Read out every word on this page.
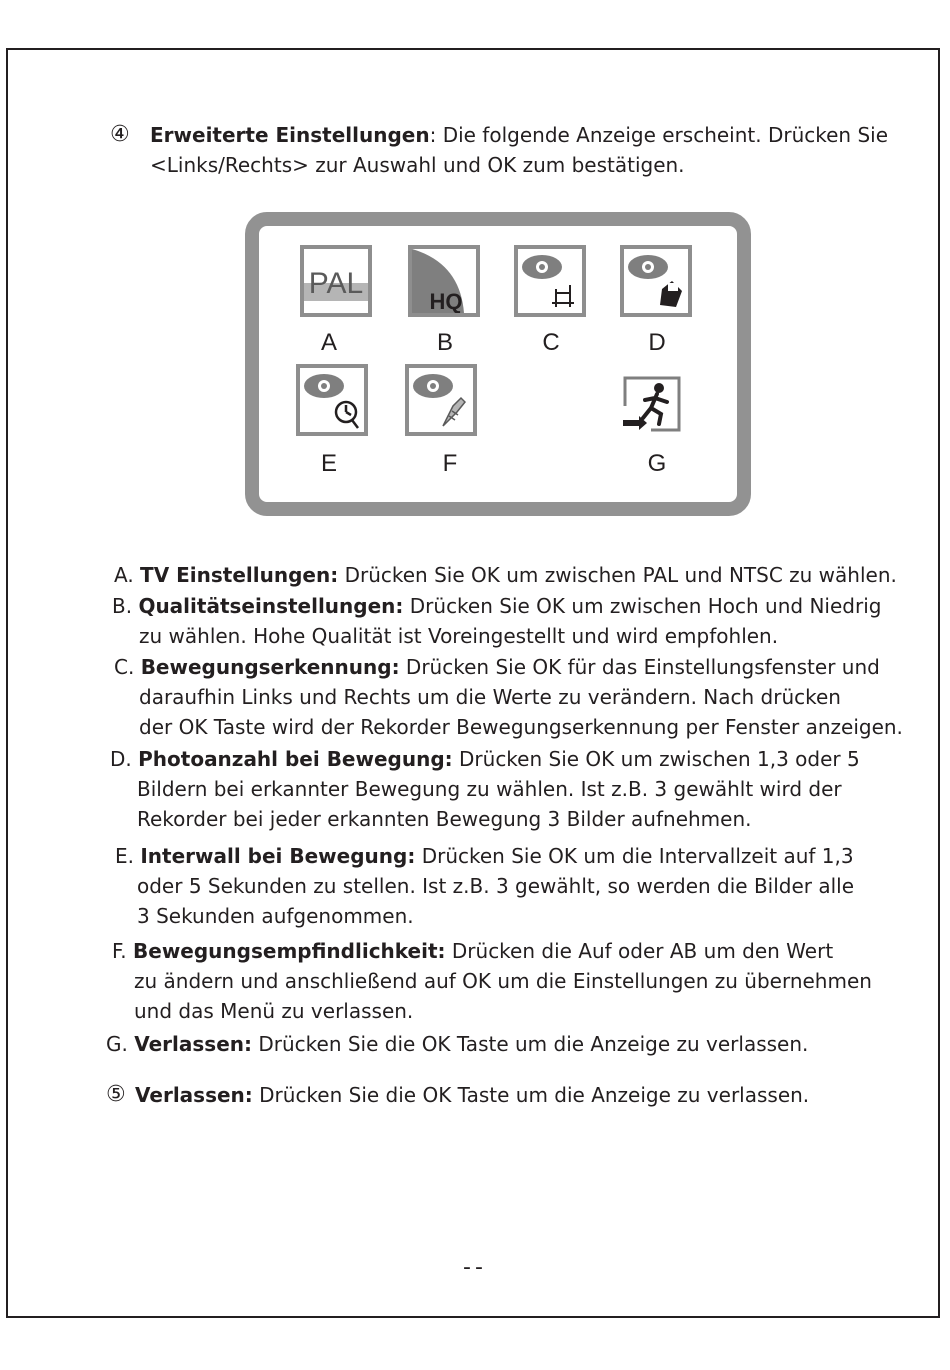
④ Erweiterte Einstellungen: Die folgende Anzeige erscheint. Drücken Sie
<Links/Rechts> zur Auswahl und OK zum bestätigen.
PAL
A
HQ
B	C	D
E	F	G
A. TV Einstellungen: Drücken Sie OK um zwischen PAL und NTSC zu wählen.
B. Qualitätseinstellungen: Drücken Sie OK um zwischen Hoch und Niedrig
zu wählen. Hohe Qualität ist Voreingestellt und wird empfohlen.
C. Bewegungserkennung: Drücken Sie OK für das Einstellungsfenster und
daraufhin Links und Rechts um die Werte zu verändern. Nach drücken
der OK Taste wird der Rekorder Bewegungserkennung per Fenster anzeigen.
D. Photoanzahl bei Bewegung: Drücken Sie OK um zwischen 1,3 oder 5
Bildern bei erkannter Bewegung zu wählen. Ist z.B. 3 gewählt wird der
Rekorder bei jeder erkannten Bewegung 3 Bilder aufnehmen.
E. Interwall bei Bewegung: Drücken Sie OK um die Intervallzeit auf 1,3
oder 5 Sekunden zu stellen. Ist z.B. 3 gewählt, so werden die Bilder alle
3 Sekunden aufgenommen.
F. Bewegungsempfindlichkeit: Drücken die Auf oder AB um den Wert
zu ändern und anschließend auf OK um die Einstellungen zu übernehmen
und das Menü zu verlassen.
G. Verlassen: Drücken Sie die OK Taste um die Anzeige zu verlassen.
⑤ Verlassen: Drücken Sie die OK Taste um die Anzeige zu verlassen.
--
